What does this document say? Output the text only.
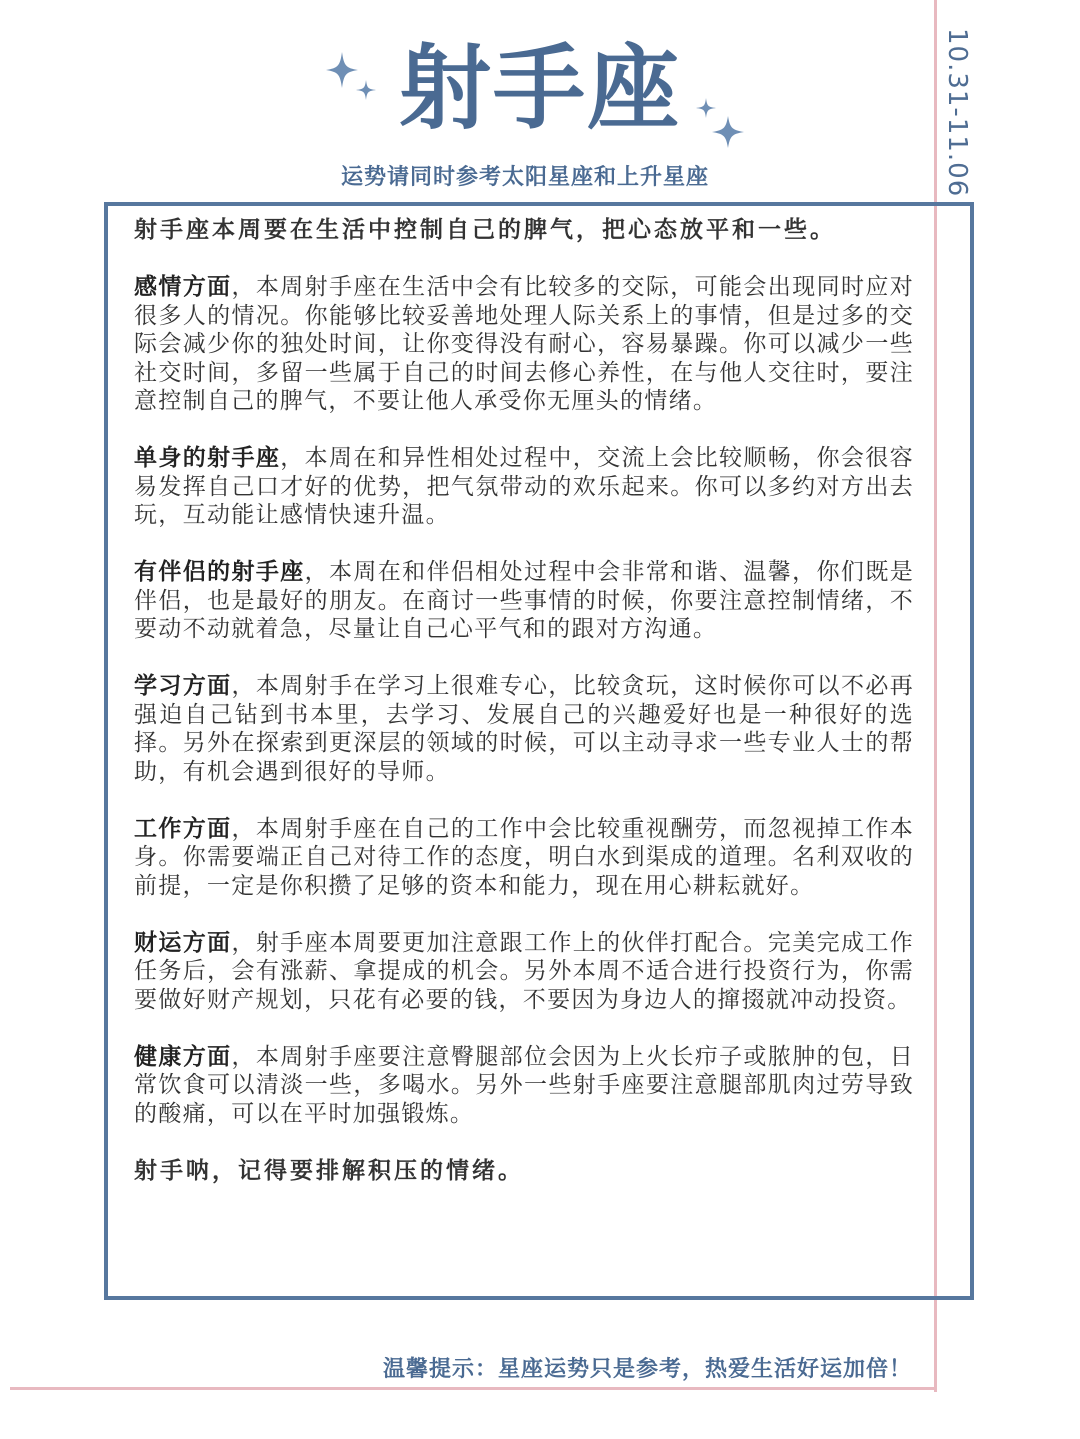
10.31-11.06
射手座
运势请同时参考太阳星座和上升星座

射手座本周要在生活中控制自己的脾气，把心态放平和一些。

感情方面，本周射手座在生活中会有比较多的交际，可能会出现同时应对很多人的情况。你能够比较妥善地处理人际关系上的事情，但是过多的交际会减少你的独处时间，让你变得没有耐心，容易暴躁。你可以减少一些社交时间，多留一些属于自己的时间去修心养性，在与他人交往时，要注意控制自己的脾气，不要让他人承受你无厘头的情绪。

单身的射手座，本周在和异性相处过程中，交流上会比较顺畅，你会很容易发挥自己口才好的优势，把气氛带动的欢乐起来。你可以多约对方出去玩，互动能让感情快速升温。

有伴侣的射手座，本周在和伴侣相处过程中会非常和谐、温馨，你们既是伴侣，也是最好的朋友。在商讨一些事情的时候，你要注意控制情绪，不要动不动就着急，尽量让自己心平气和的跟对方沟通。

学习方面，本周射手在学习上很难专心，比较贪玩，这时候你可以不必再强迫自己钻到书本里，去学习、发展自己的兴趣爱好也是一种很好的选择。另外在探索到更深层的领域的时候，可以主动寻求一些专业人士的帮助，有机会遇到很好的导师。

工作方面，本周射手座在自己的工作中会比较重视酬劳，而忽视掉工作本身。你需要端正自己对待工作的态度，明白水到渠成的道理。名利双收的前提，一定是你积攒了足够的资本和能力，现在用心耕耘就好。

财运方面，射手座本周要更加注意跟工作上的伙伴打配合。完美完成工作任务后，会有涨薪、拿提成的机会。另外本周不适合进行投资行为，你需要做好财产规划，只花有必要的钱，不要因为身边人的撺掇就冲动投资。

健康方面，本周射手座要注意臀腿部位会因为上火长疖子或脓肿的包，日常饮食可以清淡一些，多喝水。另外一些射手座要注意腿部肌肉过劳导致的酸痛，可以在平时加强锻炼。

射手呐，记得要排解积压的情绪。

温馨提示：星座运势只是参考，热爱生活好运加倍！
